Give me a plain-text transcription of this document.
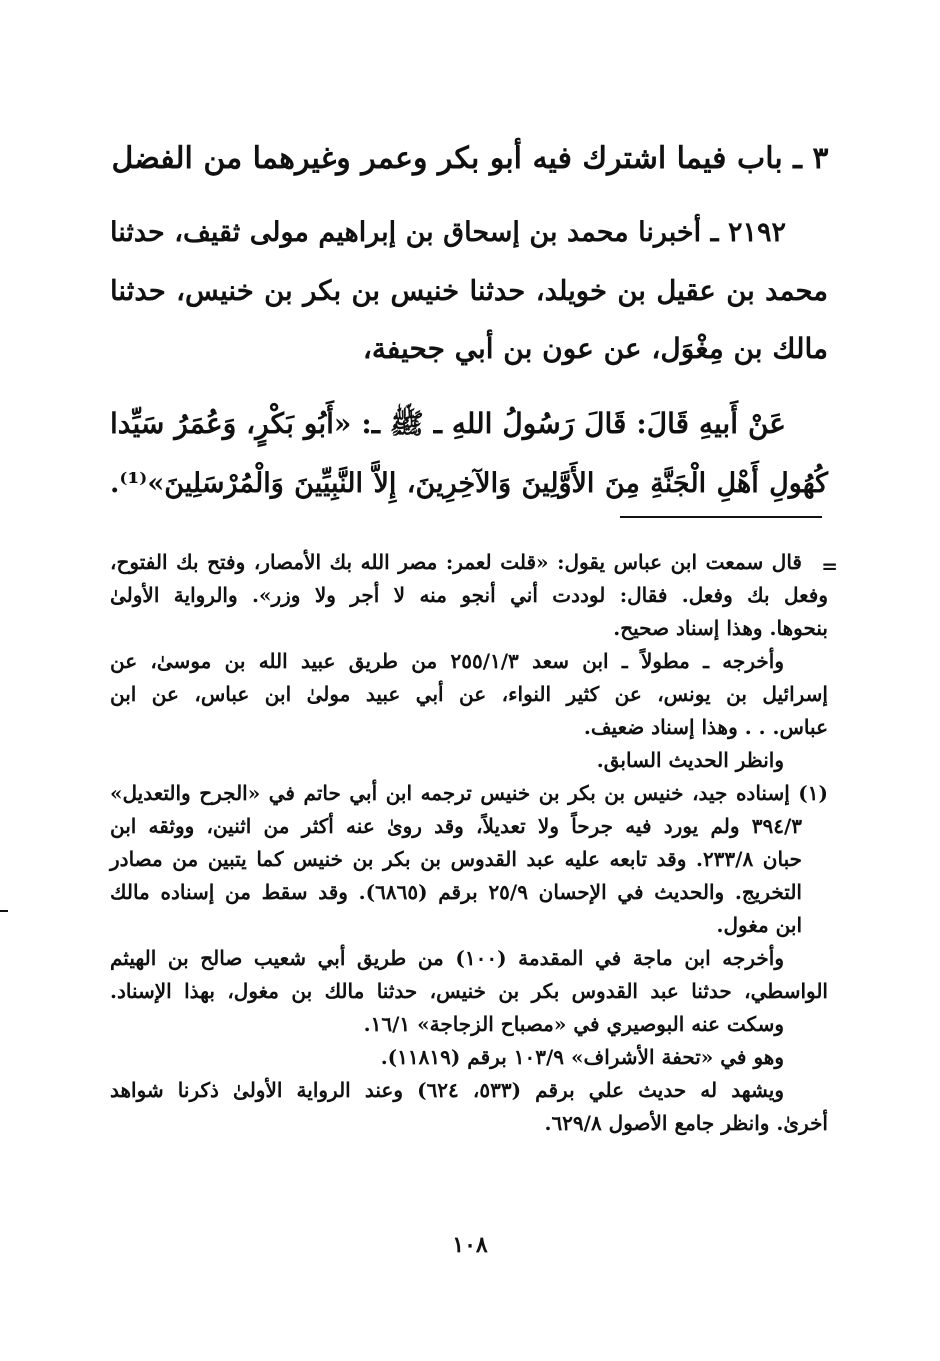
٣ ـ باب فيما اشترك فيه أبو بكر وعمر وغيرهما من الفضل

٢١٩٢ ـ أخبرنا محمد بن إسحاق بن إبراهيم مولى ثقيف، حدثنا
محمد بن عقيل بن خويلد، حدثنا خنيس بن بكر بن خنيس، حدثنا
مالك بن مِغْوَل، عن عون بن أبي جحيفة،

عَنْ أَبيهِ قَالَ: قَالَ رَسُولُ اللهِ ـ ﷺ ـ: «أَبُو بَكْرٍ، وَعُمَرُ سَيِّدا
كُهُولِ أَهْلِ الْجَنَّةِ مِنَ الأَوَّلِينَ وَالآخِرِينَ، إِلاَّ النَّبِيِّينَ وَالْمُرْسَلِينَ»⁽¹⁾.

=

قال سمعت ابن عباس يقول: «قلت لعمر: مصر الله بك الأمصار، وفتح بك الفتوح،
وفعل بك وفعل. فقال: لوددت أني أنجو منه لا أجر ولا وزر». والرواية الأولىٰ
بنحوها. وهذا إسناد صحيح.

وأخرجه ـ مطولاً ـ ابن سعد ٢٥٥/١/٣ من طريق عبيد الله بن موسىٰ، عن
إسرائيل بن يونس، عن كثير النواء، عن أبي عبيد مولىٰ ابن عباس، عن ابن
عباس. . . وهذا إسناد ضعيف.

وانظر الحديث السابق.

(١) إسناده جيد، خنيس بن بكر بن خنيس ترجمه ابن أبي حاتم في «الجرح والتعديل»
٣٩٤/٣ ولم يورد فيه جرحاً ولا تعديلاً، وقد روىٰ عنه أكثر من اثنين، ووثقه ابن
حبان ٢٣٣/٨. وقد تابعه عليه عبد القدوس بن بكر بن خنيس كما يتبين من مصادر
التخريج. والحديث في الإحسان ٢٥/٩ برقم (٦٨٦٥). وقد سقط من إسناده مالك
ابن مغول.

وأخرجه ابن ماجة في المقدمة (١٠٠) من طريق أبي شعيب صالح بن الهيثم
الواسطي، حدثنا عبد القدوس بكر بن خنيس، حدثنا مالك بن مغول، بهذا الإسناد.
وسكت عنه البوصيري في «مصباح الزجاجة» ١٦/١.

وهو في «تحفة الأشراف» ١٠٣/٩ برقم (١١٨١٩).

ويشهد له حديث علي برقم (٥٣٣، ٦٢٤) وعند الرواية الأولىٰ ذكرنا شواهد
أخرىٰ. وانظر جامع الأصول ٦٢٩/٨.

١٠٨
